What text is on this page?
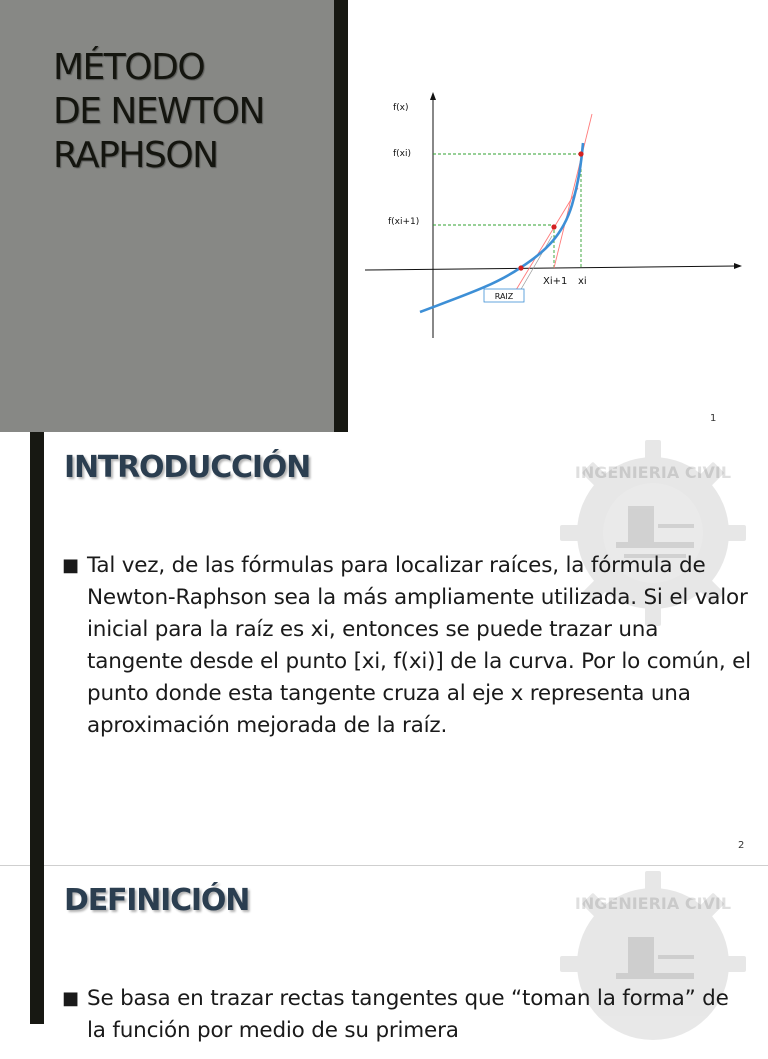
MÉTODO
DE NEWTON
RAPHSON
f(x)
f(xi)
f(xi+1)
Xi+1 xi
RAIZ
1
INGENIERIA CIVIL
INTRODUCCIÓN
■ Tal vez, de las fórmulas para localizar raíces, la fórmula de Newton-Raphson sea la más ampliamente utilizada. Si el valor inicial para la raíz es xi, entonces se puede trazar una tangente desde el punto [xi, f(xi)] de la curva. Por lo común, el punto donde esta tangente cruza al eje x representa una aproximación mejorada de la raíz.
2
INGENIERIA CIVIL
DEFINICIÓN
■ Se basa en trazar rectas tangentes que “toman la forma” de la función por medio de su primera
